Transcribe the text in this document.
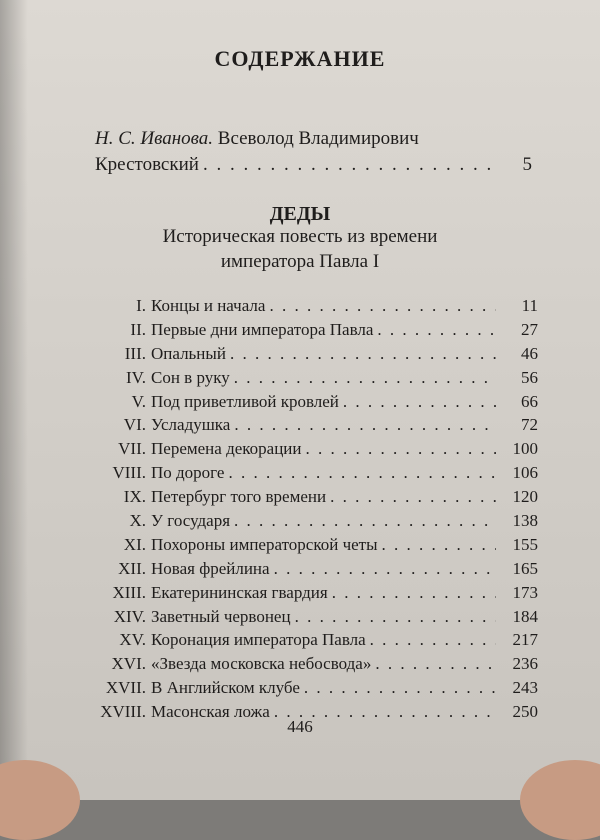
СОДЕРЖАНИЕ
Н. С. Иванова. Всеволод Владимирович
Крестовский . . .	5
ДЕДЫ
Историческая повесть из времени
императора Павла I
I. Концы и начала . . .	11
II. Первые дни императора Павла . . .	27
III. Опальный . . .	46
IV. Сон в руку . . .	56
V. Под приветливой кровлей . . .	66
VI. Усладушка . . .	72
VII. Перемена декорации . . .	100
VIII. По дороге . . .	106
IX. Петербург того времени . . .	120
X. У государя . . .	138
XI. Похороны императорской четы . . .	155
XII. Новая фрейлина . . .	165
XIII. Екатерининская гвардия . . .	173
XIV. Заветный червонец . . .	184
XV. Коронация императора Павла . . .	217
XVI. «Звезда московска небосвода» . . .	236
XVII. В Английском клубе . . .	243
XVIII. Масонская ложа . . .	250
446
